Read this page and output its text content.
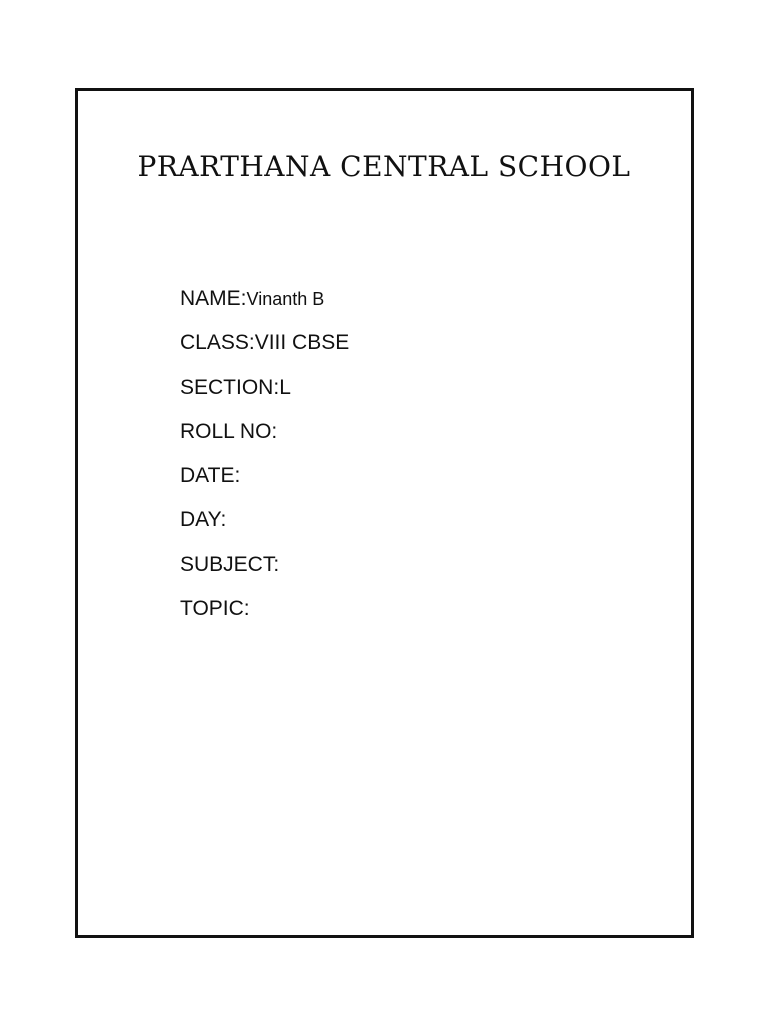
PRARTHANA CENTRAL SCHOOL
NAME:Vinanth B
CLASS:VIII CBSE
SECTION:L
ROLL NO:
DATE:
DAY:
SUBJECT:
TOPIC:
